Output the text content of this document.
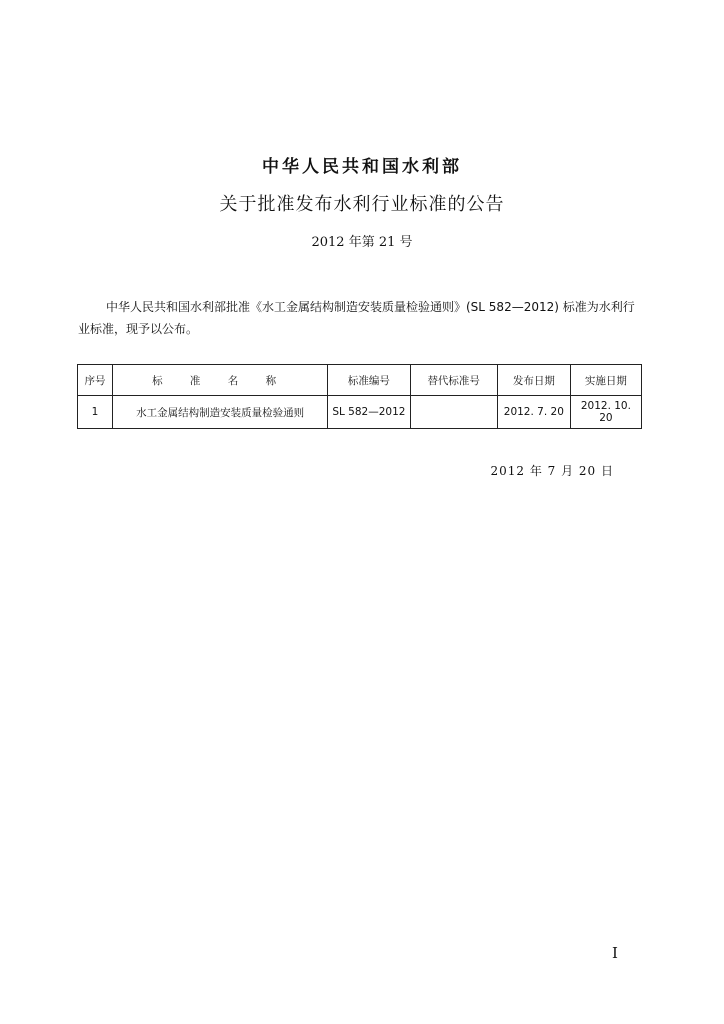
中华人民共和国水利部
关于批准发布水利行业标准的公告
2012 年第 21 号

中华人民共和国水利部批准《水工金属结构制造安装质量检验通则》(SL 582—2012) 标准为水利行业标准，现予以公布。

序号	标 准 名 称	标准编号	替代标准号	发布日期	实施日期
1	水工金属结构制造安装质量检验通则	SL 582—2012		2012. 7. 20	2012. 10. 20
2012 年 7 月 20 日
I
